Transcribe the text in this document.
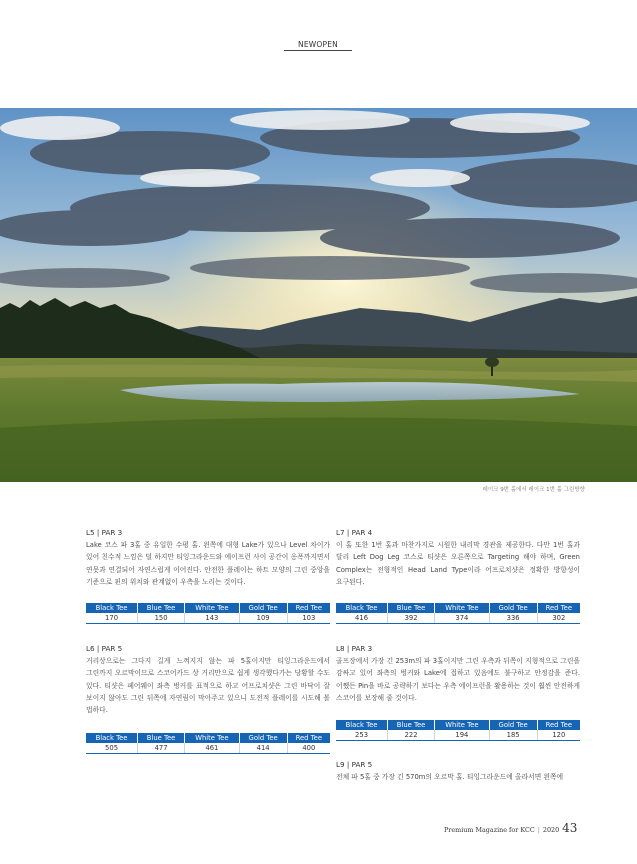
NEWOPEN
레이크 9번 홀에서 레이크 1번 홀 그린방향
L5 | PAR 3
Lake 코스 파 3홀 중 유일한 수평 홀. 왼쪽에 대형 Lake가 있으나 Level 차이가 있어 친수적 느낌은 덜 하지만 티잉그라운드와 에이프런 사이 공간이 옹폭까지면서 연못과 연결되어 자연스럽게 이어진다. 안전한 플레이는 하트 모양의 그린 중앙을 기준으로 핀의 위치와 관계없이 우측을 노리는 것이다.
Black Tee	Blue Tee	White Tee	Gold Tee	Red Tee
170	150	143	109	103
L6 | PAR 5
거리상으로는 그다지 길게 느껴지지 않는 파 5홀이지만 티잉그라운드에서 그린까지 오르막이므로 스코어카드 상 거리만으로 쉽게 생각했다가는 당황할 수도 있다. 티샷은 페어웨이 좌측 벙커를 표적으로 하고 어프로치샷은 그린 바닥이 잘 보이지 않아도 그린 뒤쪽에 자연림이 막아주고 있으니 도전적 플레이를 시도해 볼 법하다.
Black Tee	Blue Tee	White Tee	Gold Tee	Red Tee
505	477	461	414	400
L7 | PAR 4
이 홀 또한 1번 홀과 마찬가지로 시원한 내리막 경관을 제공한다. 다만 1번 홀과 달리 Left Dog Leg 코스로 티샷은 오른쪽으로 Targeting 해야 하며, Green Complex는 전형적인 Head Land Type이라 어프로치샷은 정확한 방향성이 요구된다.
Black Tee	Blue Tee	White Tee	Gold Tee	Red Tee
416	392	374	336	302
L8 | PAR 3
골프장에서 가장 긴 253m의 파 3홀이지만 그린 우측과 뒤쪽이 지형적으로 그린을 감싸고 있어 좌측의 벙커와 Lake에 접하고 있음에도 불구하고 안정감을 준다. 어쨌든 Pin을 바로 공략하기 보다는 우측 에이프런을 활용하는 것이 훨씬 안전하게 스코어를 보장해 줄 것이다.
Black Tee	Blue Tee	White Tee	Gold Tee	Red Tee
253	222	194	185	120
L9 | PAR 5
전체 파 5홀 중 가장 긴 570m의 오르막 홀. 티잉그라운드에 올라서면 왼쪽에
Premium Magazine for KCC | 2020 43
